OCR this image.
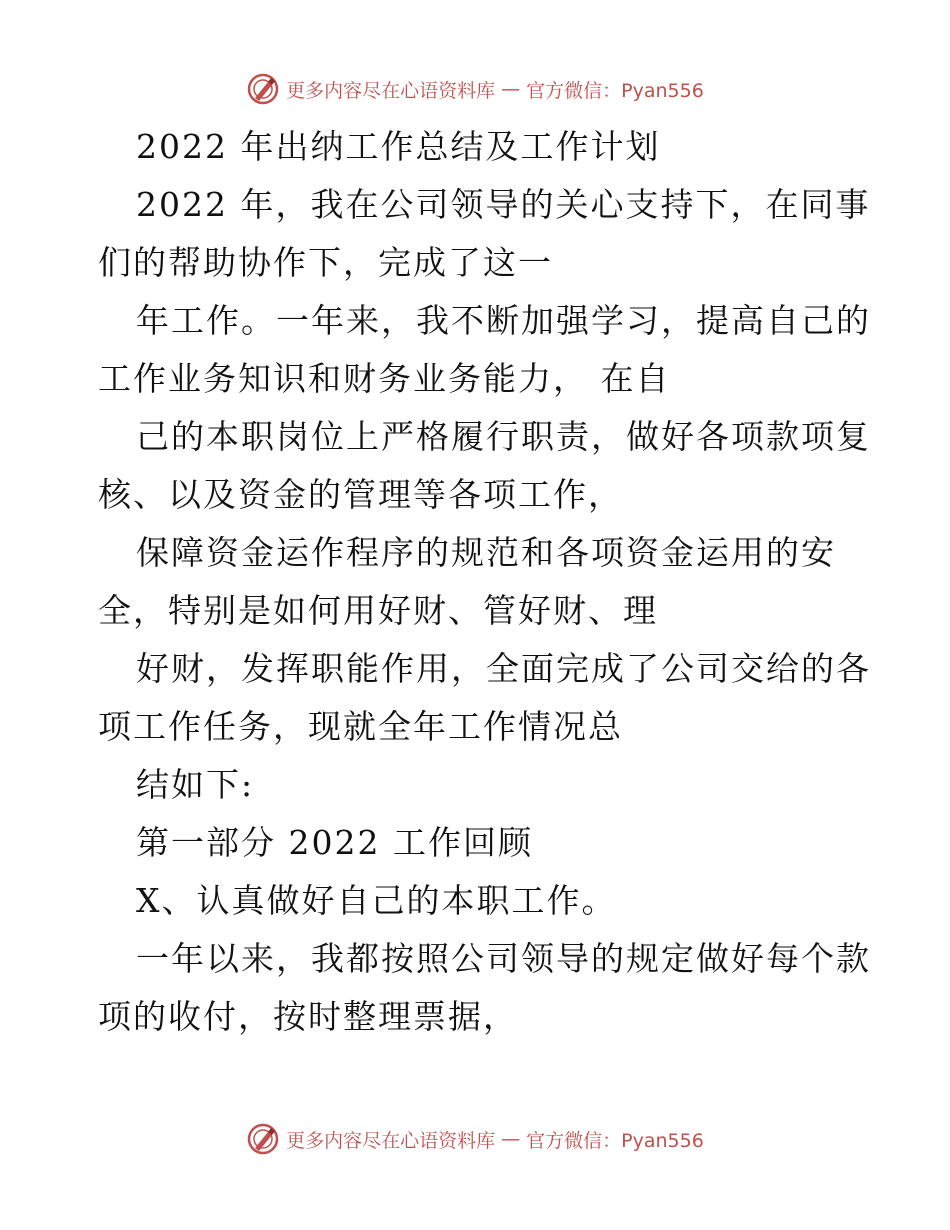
更多内容尽在心语资料库 — 官方微信：Pyan556
2022 年出纳工作总结及工作计划
2022 年，我在公司领导的关心支持下，在同事
们的帮助协作下，完成了这一
年工作。一年来，我不断加强学习，提高自己的
工作业务知识和财务业务能力， 在自
己的本职岗位上严格履行职责，做好各项款项复
核、以及资金的管理等各项工作，
保障资金运作程序的规范和各项资金运用的安
全，特别是如何用好财、管好财、理
好财，发挥职能作用，全面完成了公司交给的各
项工作任务，现就全年工作情况总
结如下:
第一部分 2022 工作回顾
X、认真做好自己的本职工作。
一年以来，我都按照公司领导的规定做好每个款
项的收付，按时整理票据，
更多内容尽在心语资料库 — 官方微信：Pyan556
